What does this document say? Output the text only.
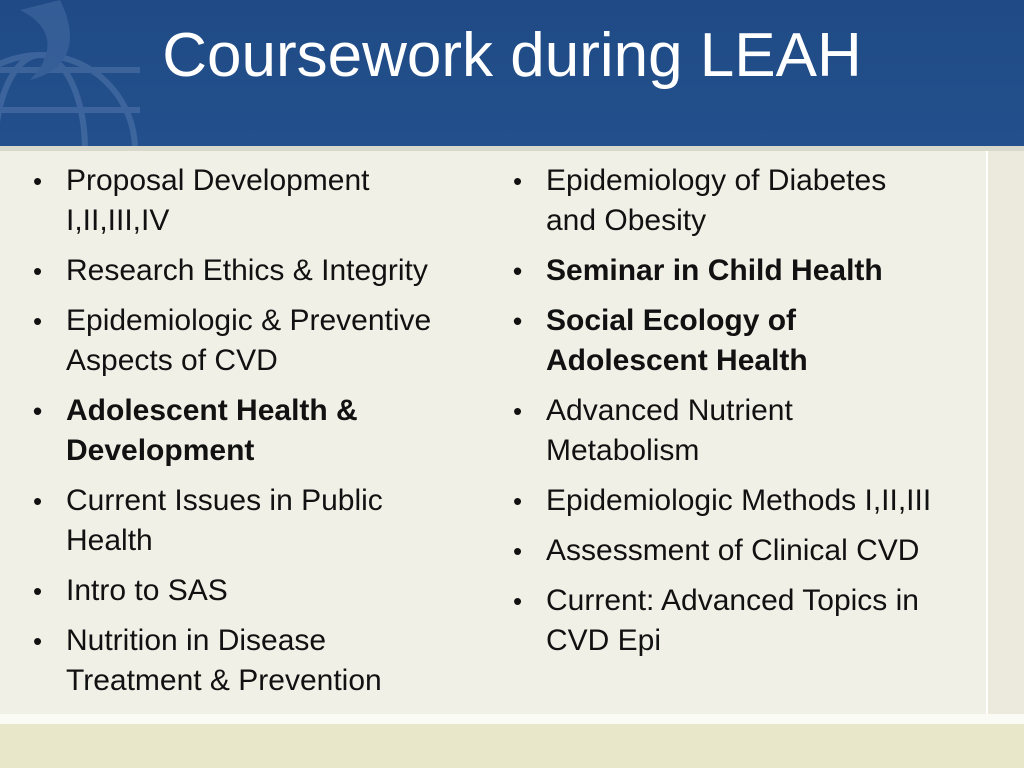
Coursework during LEAH
• Proposal Development
I,II,III,IV
• Research Ethics & Integrity
• Epidemiologic & Preventive
Aspects of CVD
• Adolescent Health &
Development
• Current Issues in Public
Health
• Intro to SAS
• Nutrition in Disease
Treatment & Prevention
• Epidemiology of Diabetes
and Obesity
• Seminar in Child Health
• Social Ecology of
Adolescent Health
• Advanced Nutrient
Metabolism
• Epidemiologic Methods I,II,III
• Assessment of Clinical CVD
• Current: Advanced Topics in
CVD Epi
